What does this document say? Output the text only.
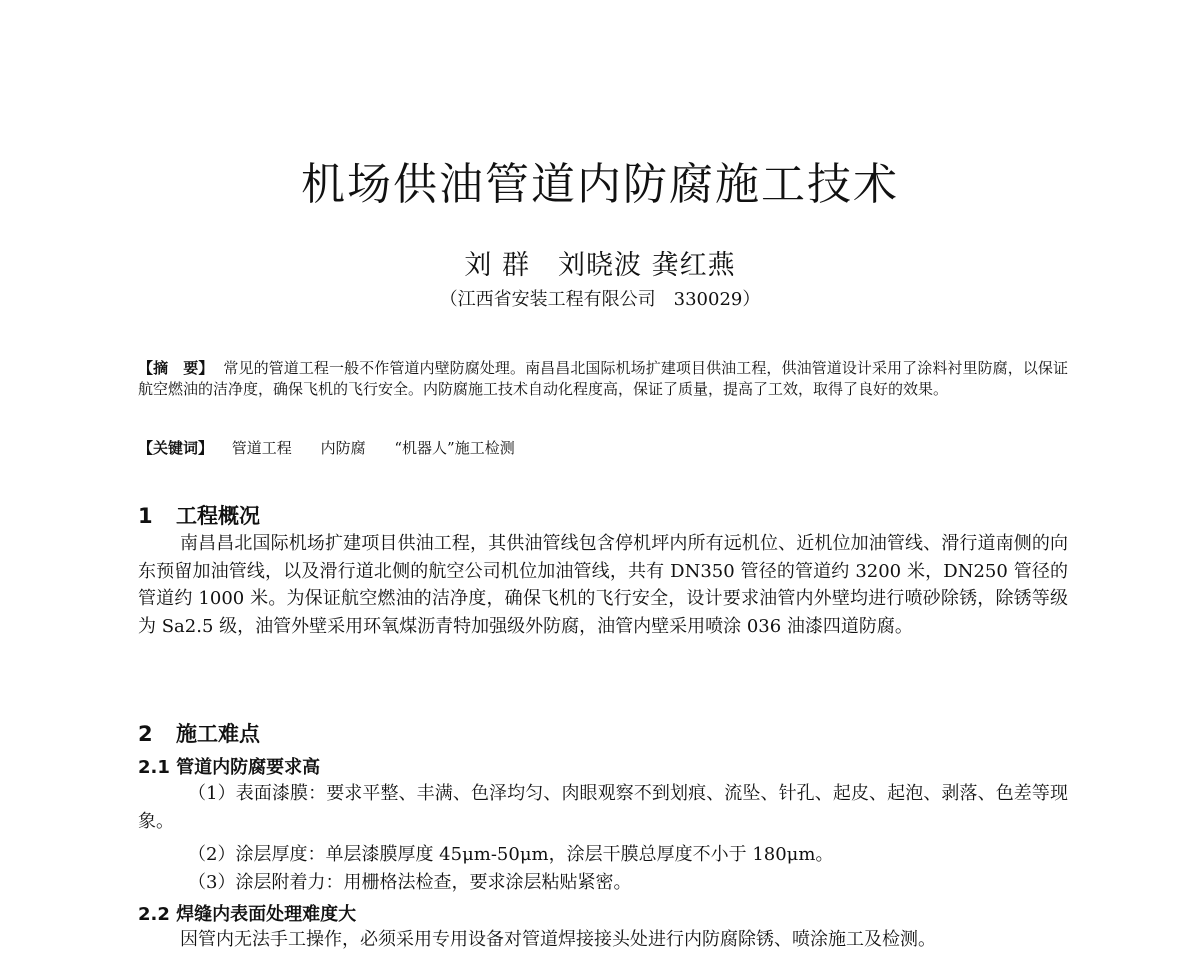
机场供油管道内防腐施工技术
刘 群　刘晓波 龚红燕
（江西省安装工程有限公司　330029）
【摘　要】 常见的管道工程一般不作管道内壁防腐处理。南昌昌北国际机场扩建项目供油工程，供油管道设计采用了涂料衬里防腐，以保证航空燃油的洁净度，确保飞机的飞行安全。内防腐施工技术自动化程度高，保证了质量，提高了工效，取得了良好的效果。
【关键词】 管道工程 内防腐 “机器人”施工检测
1 工程概况
南昌昌北国际机场扩建项目供油工程，其供油管线包含停机坪内所有远机位、近机位加油管线、滑行道南侧的向东预留加油管线，以及滑行道北侧的航空公司机位加油管线，共有 DN350 管径的管道约 3200 米，DN250 管径的管道约 1000 米。为保证航空燃油的洁净度，确保飞机的飞行安全，设计要求油管内外壁均进行喷砂除锈，除锈等级为 Sa2.5 级，油管外壁采用环氧煤沥青特加强级外防腐，油管内壁采用喷涂 036 油漆四道防腐。
2 施工难点
2.1 管道内防腐要求高
（1）表面漆膜：要求平整、丰满、色泽均匀、肉眼观察不到划痕、流坠、针孔、起皮、起泡、剥落、色差等现象。
（2）涂层厚度：单层漆膜厚度 45μm-50μm，涂层干膜总厚度不小于 180μm。
（3）涂层附着力：用栅格法检查，要求涂层粘贴紧密。
2.2 焊缝内表面处理难度大
因管内无法手工操作，必须采用专用设备对管道焊接接头处进行内防腐除锈、喷涂施工及检测。
